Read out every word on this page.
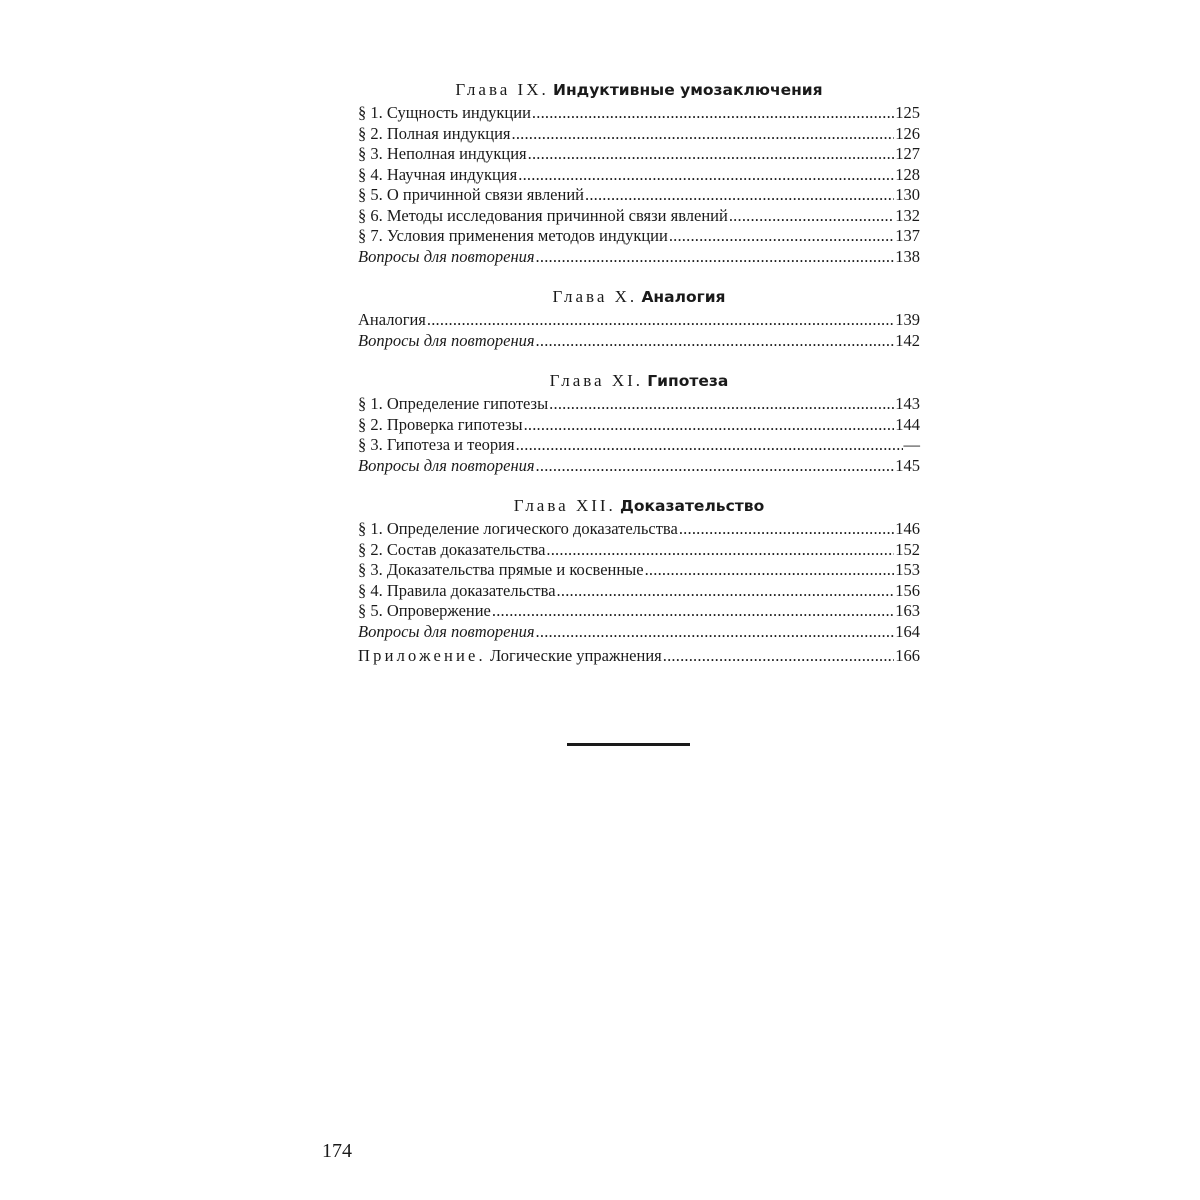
Глава IX. Индуктивные умозаключения
§ 1. Сущность индукции .....	125
§ 2. Полная индукция .....	126
§ 3. Неполная индукция .....	127
§ 4. Научная индукция .....	128
§ 5. О причинной связи явлений .....	130
§ 6. Методы исследования причинной связи явлений .....	132
§ 7. Условия применения методов индукции .....	137
Вопросы для повторения .....	138
Глава X. Аналогия
Аналогия .....	139
Вопросы для повторения .....	142
Глава XI. Гипотеза
§ 1. Определение гипотезы .....	143
§ 2. Проверка гипотезы .....	144
§ 3. Гипотеза и теория .....	—
Вопросы для повторения .....	145
Глава XII. Доказательство
§ 1. Определение логического доказательства .....	146
§ 2. Состав доказательства .....	152
§ 3. Доказательства прямые и косвенные .....	153
§ 4. Правила доказательства .....	156
§ 5. Опровержение .....	163
Вопросы для повторения .....	164
Приложение. Логические упражнения .....	166
174
